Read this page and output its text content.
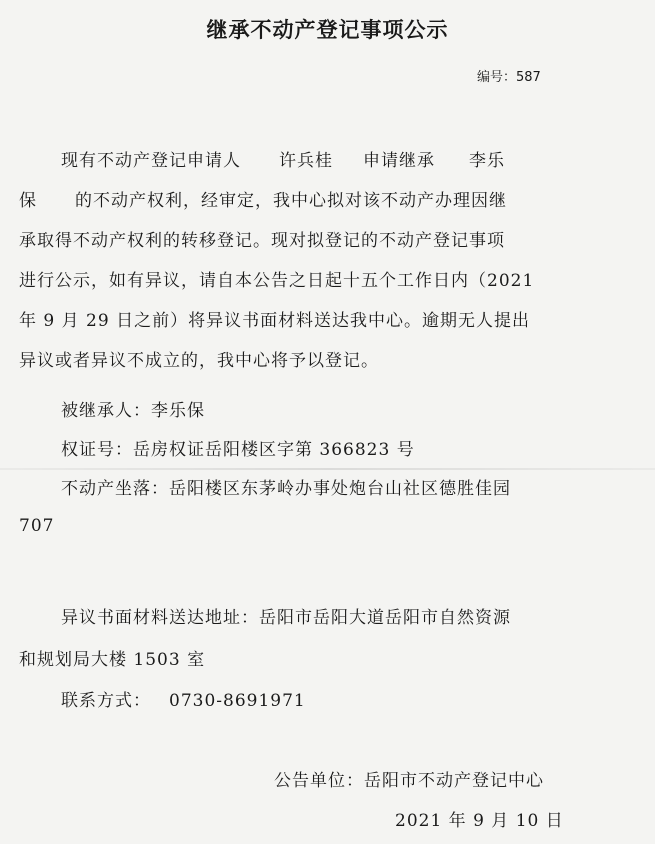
继承不动产登记事项公示
编号：587
现有不动产登记申请人 许兵桂 申请继承 李乐
保 的不动产权利，经审定，我中心拟对该不动产办理因继
承取得不动产权利的转移登记。现对拟登记的不动产登记事项
进行公示，如有异议，请自本公告之日起十五个工作日内（2021
年 9 月 29 日之前）将异议书面材料送达我中心。逾期无人提出
异议或者异议不成立的，我中心将予以登记。
被继承人：李乐保
权证号：岳房权证岳阳楼区字第 366823 号
不动产坐落：岳阳楼区东茅岭办事处炮台山社区德胜佳园
707
异议书面材料送达地址：岳阳市岳阳大道岳阳市自然资源
和规划局大楼 1503 室
联系方式： 0730-8691971
公告单位：岳阳市不动产登记中心
2021 年 9 月 10 日
